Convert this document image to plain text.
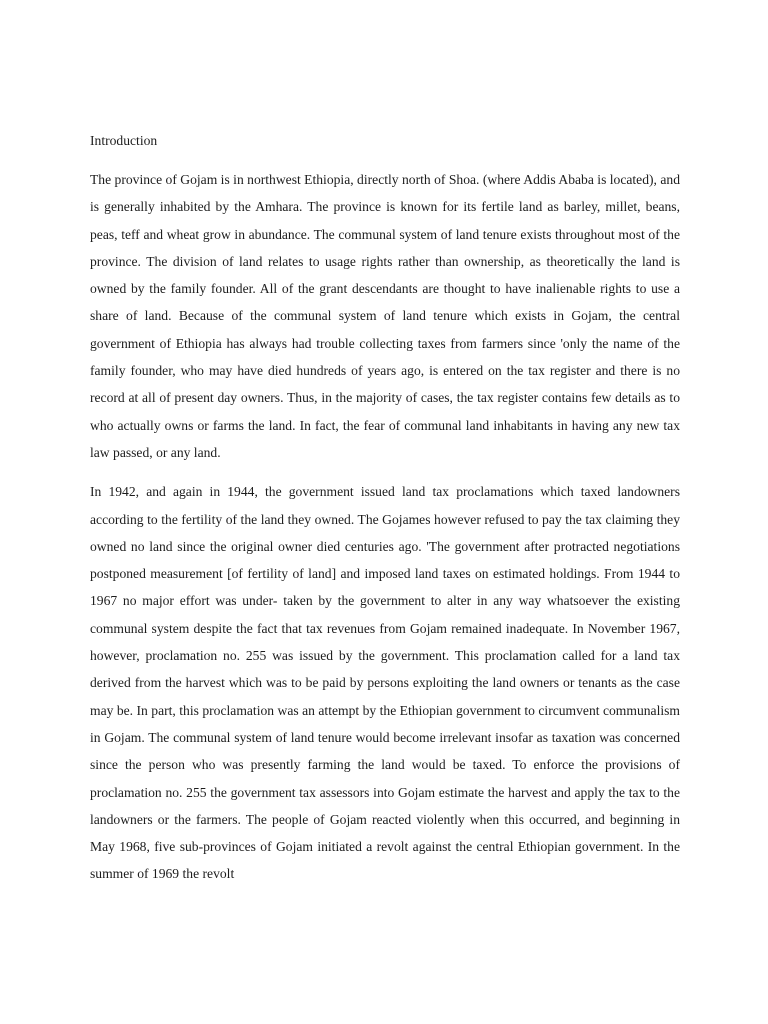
Introduction

The province of Gojam is in northwest Ethiopia, directly north of Shoa. (where Addis Ababa is located), and is generally inhabited by the Amhara. The province is known for its fertile land as barley, millet, beans, peas, teff and wheat grow in abundance. The communal system of land tenure exists throughout most of the province. The division of land relates to usage rights rather than ownership, as theoretically the land is owned by the family founder. All of the grant descendants are thought to have inalienable rights to use a share of land. Because of the communal system of land tenure which exists in Gojam, the central government of Ethiopia has always had trouble collecting taxes from farmers since 'only the name of the family founder, who may have died hundreds of years ago, is entered on the tax register and there is no record at all of present day owners. Thus, in the majority of cases, the tax register contains few details as to who actually owns or farms the land. In fact, the fear of communal land inhabitants in having any new tax law passed, or any land.

In 1942, and again in 1944, the government issued land tax proclamations which taxed landowners according to the fertility of the land they owned. The Gojames however refused to pay the tax claiming they owned no land since the original owner died centuries ago. 'The government after protracted negotiations postponed measurement [of fertility of land] and imposed land taxes on estimated holdings. From 1944 to 1967 no major effort was under- taken by the government to alter in any way whatsoever the existing communal system despite the fact that tax revenues from Gojam remained inadequate. In November 1967, however, proclamation no. 255 was issued by the government. This proclamation called for a land tax derived from the harvest which was to be paid by persons exploiting the land owners or tenants as the case may be. In part, this proclamation was an attempt by the Ethiopian government to circumvent communalism in Gojam. The communal system of land tenure would become irrelevant insofar as taxation was concerned since the person who was presently farming the land would be taxed. To enforce the provisions of proclamation no. 255 the government tax assessors into Gojam estimate the harvest and apply the tax to the landowners or the farmers. The people of Gojam reacted violently when this occurred, and beginning in May 1968, five sub-provinces of Gojam initiated a revolt against the central Ethiopian government. In the summer of 1969 the revolt
